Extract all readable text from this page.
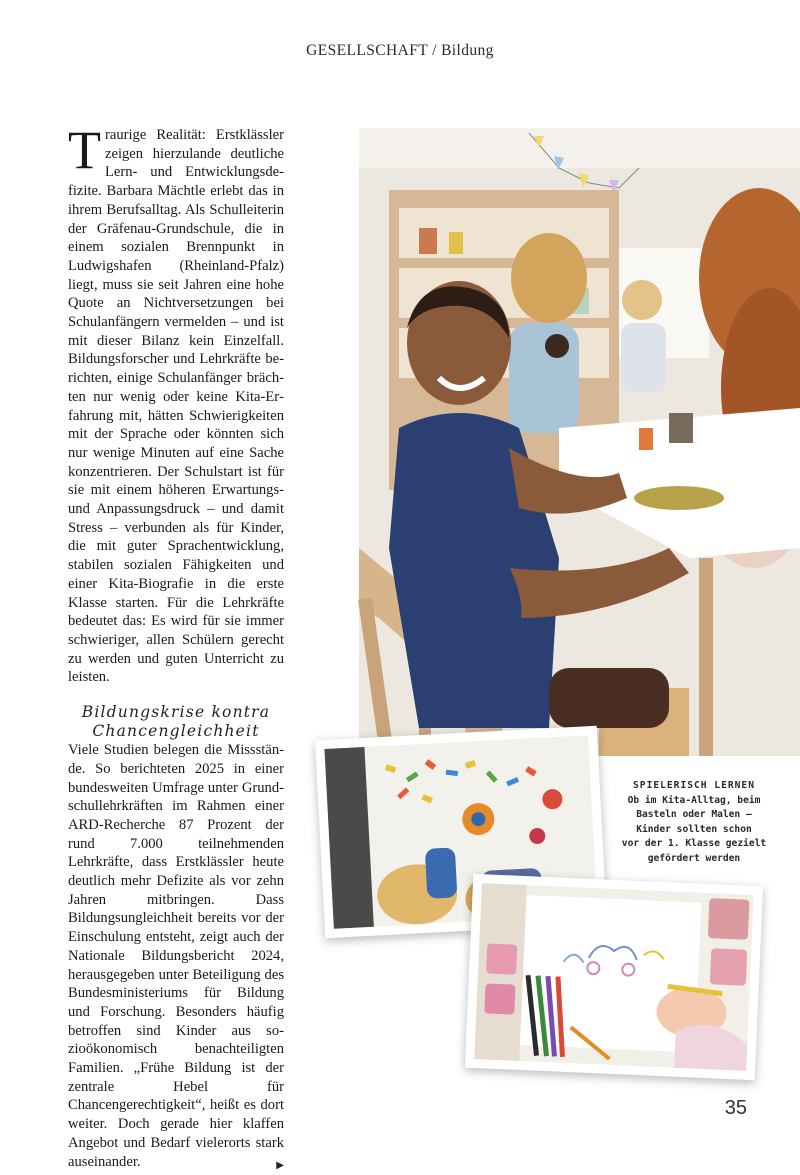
GESELLSCHAFT / Bildung

Traurige Realität: Erstklässler zeigen hierzulande deutliche Lern- und Entwicklungsdefizite. Barbara Mächtle erlebt das in ihrem Berufsalltag. Als Schulleiterin der Gräfenau-Grundschule, die in einem sozialen Brennpunkt in Ludwigshafen (Rheinland-Pfalz) liegt, muss sie seit Jahren eine hohe Quote an Nichtversetzungen bei Schulanfängern vermelden – und ist mit dieser Bilanz kein Einzelfall. Bildungsforscher und Lehrkräfte berichten, einige Schulanfänger brächten nur wenig oder keine Kita-Erfahrung mit, hätten Schwierigkeiten mit der Sprache oder könnten sich nur wenige Minuten auf eine Sache konzentrieren. Der Schulstart ist für sie mit einem höheren Erwartungs- und Anpassungsdruck – und damit Stress – verbunden als für Kinder, die mit guter Sprachentwicklung, stabilen sozialen Fähigkeiten und einer Kita-Biografie in die erste Klasse starten. Für die Lehrkräfte bedeutet das: Es wird für sie immer schwieriger, allen Schülern gerecht zu werden und guten Unterricht zu leisten.

Bildungskrise kontra
Chancengleichheit

Viele Studien belegen die Missstände. So berichteten 2025 in einer bundesweiten Umfrage unter Grundschullehrkräften im Rahmen einer ARD-Recherche 87 Prozent der rund 7.000 teilnehmenden Lehrkräfte, dass Erstklässler heute deutlich mehr Defizite als vor zehn Jahren mitbringen. Dass Bildungsungleichheit bereits vor der Einschulung entsteht, zeigt auch der Nationale Bildungsbericht 2024, herausgegeben unter Beteiligung des Bundesministeriums für Bildung und Forschung. Besonders häufig betroffen sind Kinder aus sozioökonomisch benachteiligten Familien. „Frühe Bildung ist der zentrale Hebel für Chancengerechtigkeit“, heißt es dort weiter. Doch gerade hier klaffen Angebot und Bedarf vielerorts stark auseinander.	▶

SPIELERISCH LERNEN
Ob im Kita-Alltag, beim
Basteln oder Malen –
Kinder sollten schon
vor der 1. Klasse gezielt
gefördert werden
35
